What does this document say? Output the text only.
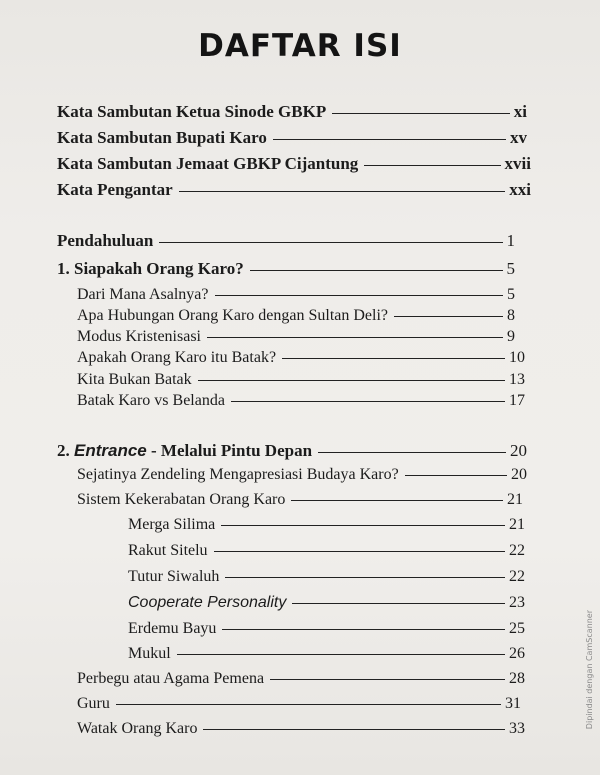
DAFTAR ISI
Kata Sambutan Ketua Sinode GBKP	xi
Kata Sambutan Bupati Karo	xv
Kata Sambutan Jemaat GBKP Cijantung	xvii
Kata Pengantar	xxi
Pendahuluan	1
1. Siapakah Orang Karo?	5
Dari Mana Asalnya?	5
Apa Hubungan Orang Karo dengan Sultan Deli?	8
Modus Kristenisasi	9
Apakah Orang Karo itu Batak?	10
Kita Bukan Batak	13
Batak Karo vs Belanda	17
2. Entrance - Melalui Pintu Depan	20
Sejatinya Zendeling Mengapresiasi Budaya Karo?	20
Sistem Kekerabatan Orang Karo	21
Merga Silima	21
Rakut Sitelu	22
Tutur Siwaluh	22
Cooperate Personality	23
Erdemu Bayu	25
Mukul	26
Perbegu atau Agama Pemena	28
Guru	31
Watak Orang Karo	33	Dipindai dengan CamScanner
